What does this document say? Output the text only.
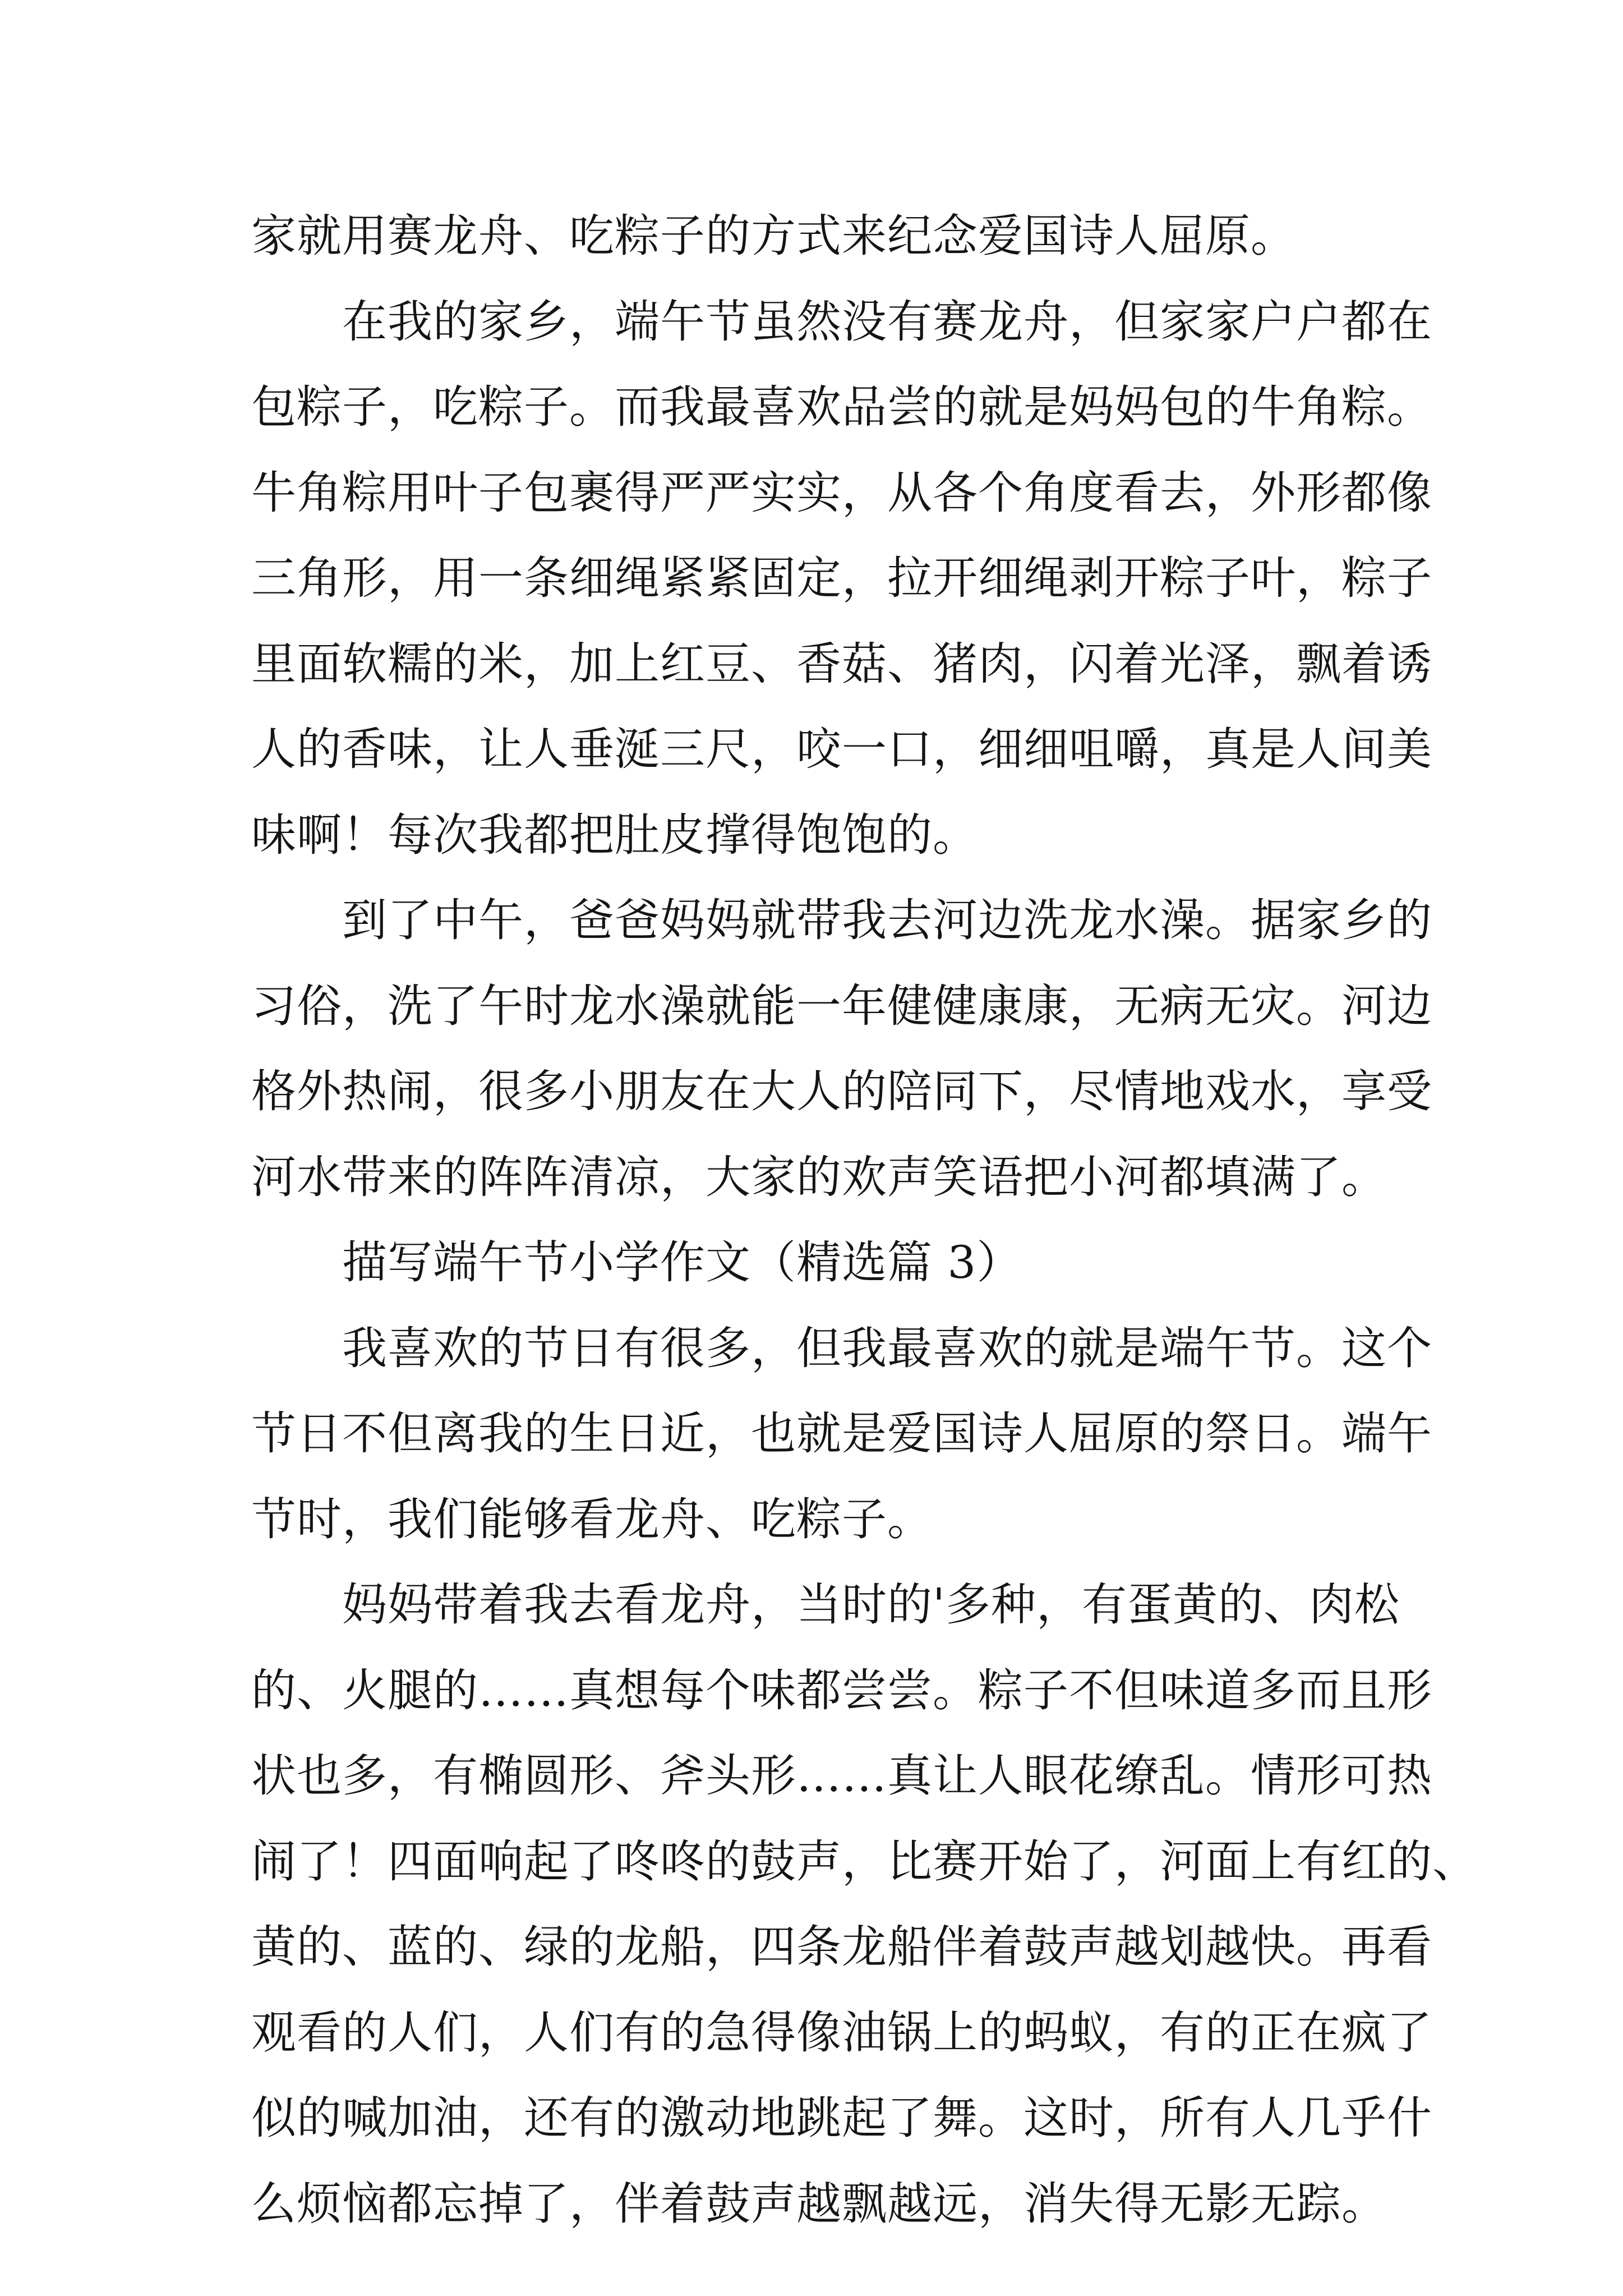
家就用赛龙舟、吃粽子的方式来纪念爱国诗人屈原。
　　在我的家乡，端午节虽然没有赛龙舟，但家家户户都在
包粽子，吃粽子。而我最喜欢品尝的就是妈妈包的牛角粽。
牛角粽用叶子包裹得严严实实，从各个角度看去，外形都像
三角形，用一条细绳紧紧固定，拉开细绳剥开粽子叶，粽子
里面软糯的米，加上红豆、香菇、猪肉，闪着光泽，飘着诱
人的香味，让人垂涎三尺，咬一口，细细咀嚼，真是人间美
味啊！每次我都把肚皮撑得饱饱的。
　　到了中午，爸爸妈妈就带我去河边洗龙水澡。据家乡的
习俗，洗了午时龙水澡就能一年健健康康，无病无灾。河边
格外热闹，很多小朋友在大人的陪同下，尽情地戏水，享受
河水带来的阵阵清凉，大家的欢声笑语把小河都填满了。
　　描写端午节小学作文（精选篇 3）
　　我喜欢的节日有很多，但我最喜欢的就是端午节。这个
节日不但离我的生日近，也就是爱国诗人屈原的祭日。端午
节时，我们能够看龙舟、吃粽子。
　　妈妈带着我去看龙舟，当时的'多种，有蛋黄的、肉松
的、火腿的……真想每个味都尝尝。粽子不但味道多而且形
状也多，有椭圆形、斧头形……真让人眼花缭乱。情形可热
闹了！四面响起了咚咚的鼓声，比赛开始了，河面上有红的、
黄的、蓝的、绿的龙船，四条龙船伴着鼓声越划越快。再看
观看的人们，人们有的急得像油锅上的蚂蚁，有的正在疯了
似的喊加油，还有的激动地跳起了舞。这时，所有人几乎什
么烦恼都忘掉了，伴着鼓声越飘越远，消失得无影无踪。
